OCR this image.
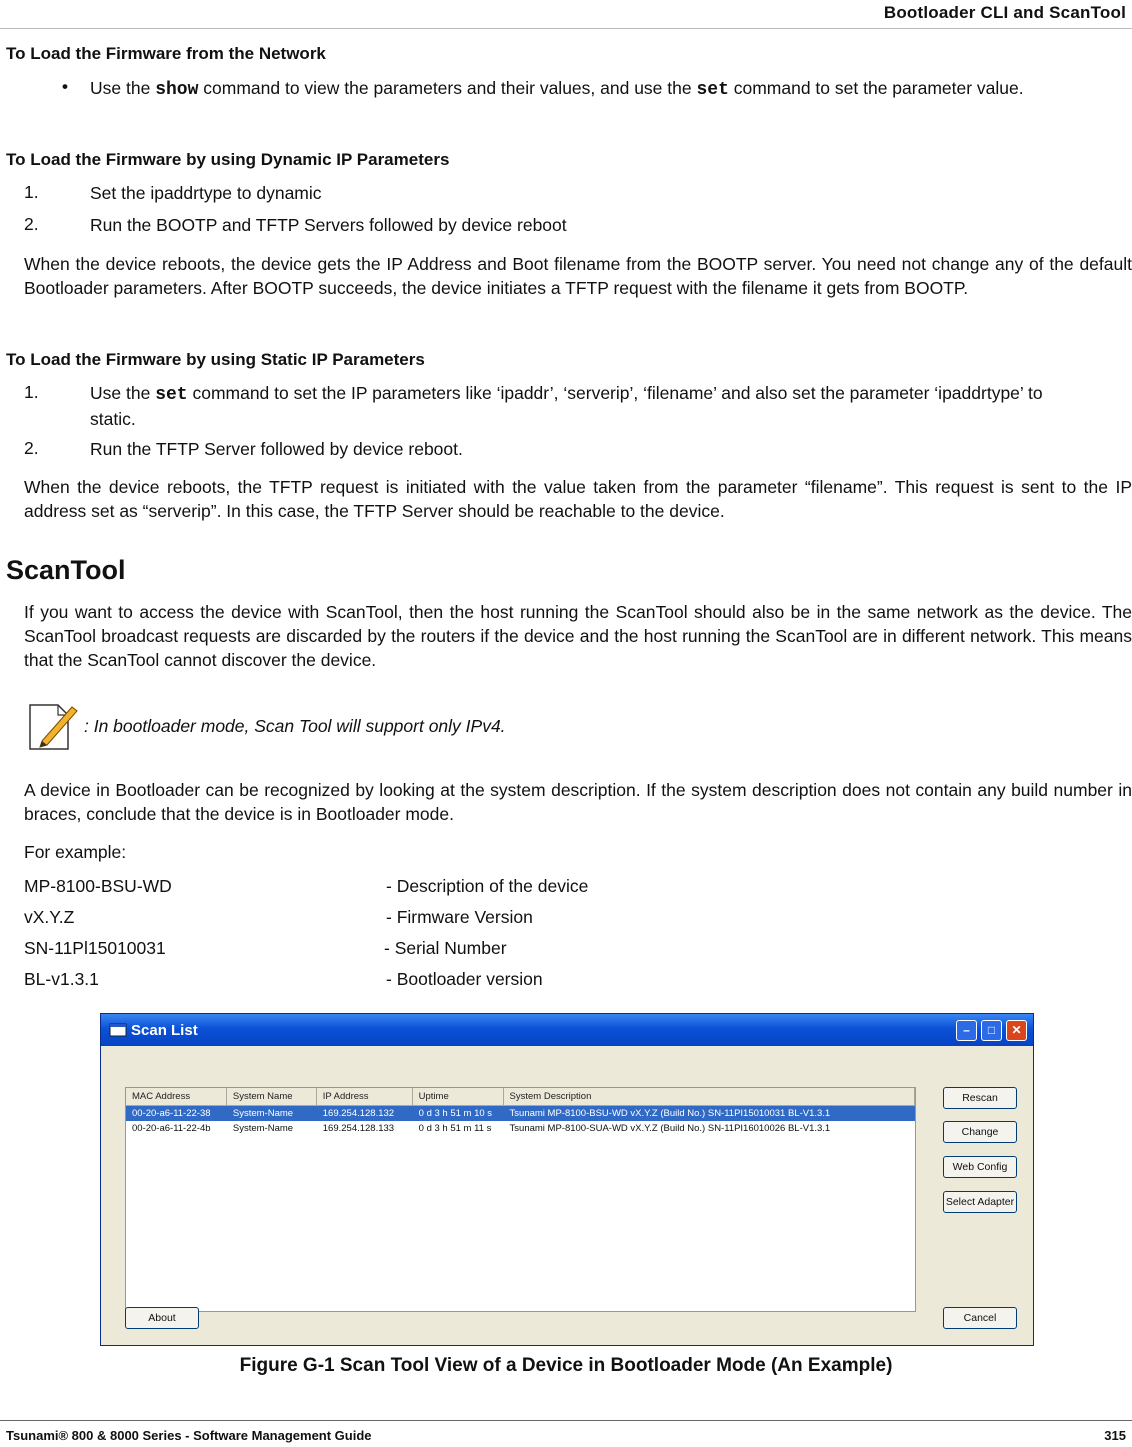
Bootloader CLI and ScanTool
To Load the Firmware from the Network
• Use the show command to view the parameters and their values, and use the set command to set the parameter value.
To Load the Firmware by using Dynamic IP Parameters
1.	Set the ipaddrtype to dynamic
2.	Run the BOOTP and TFTP Servers followed by device reboot
When the device reboots, the device gets the IP Address and Boot filename from the BOOTP server. You need not change any of the default Bootloader parameters. After BOOTP succeeds, the device initiates a TFTP request with the filename it gets from BOOTP.
To Load the Firmware by using Static IP Parameters
1.	Use the set command to set the IP parameters like ‘ipaddr’, ‘serverip’, ‘filename’ and also set the parameter ‘ipaddrtype’ to static.
2.	Run the TFTP Server followed by device reboot.
When the device reboots, the TFTP request is initiated with the value taken from the parameter “filename”. This request is sent to the IP address set as “serverip”. In this case, the TFTP Server should be reachable to the device.
ScanTool
If you want to access the device with ScanTool, then the host running the ScanTool should also be in the same network as the device. The ScanTool broadcast requests are discarded by the routers if the device and the host running the ScanTool are in different network. This means that the ScanTool cannot discover the device.
: In bootloader mode, Scan Tool will support only IPv4.
A device in Bootloader can be recognized by looking at the system description. If the system description does not contain any build number in braces, conclude that the device is in Bootloader mode.
For example:
MP-8100-BSU-WD	- Description of the device
vX.Y.Z	- Firmware Version
SN-11Pl15010031	- Serial Number
BL-v1.3.1	- Bootloader version
Scan List	–	□	✕
MAC Address	System Name	IP Address	Uptime	System Description
00-20-a6-11-22-38	System-Name	169.254.128.132	0 d 3 h 51 m 10 s	Tsunami MP-8100-BSU-WD vX.Y.Z (Build No.) SN-11PI15010031 BL-V1.3.1
00-20-a6-11-22-4b	System-Name	169.254.128.133	0 d 3 h 51 m 11 s	Tsunami MP-8100-SUA-WD vX.Y.Z (Build No.) SN-11PI16010026 BL-V1.3.1
Rescan
Change
Web Config
Select Adapter
About	Cancel
Figure G-1 Scan Tool View of a Device in Bootloader Mode (An Example)
Tsunami® 800 & 8000 Series - Software Management Guide	315
